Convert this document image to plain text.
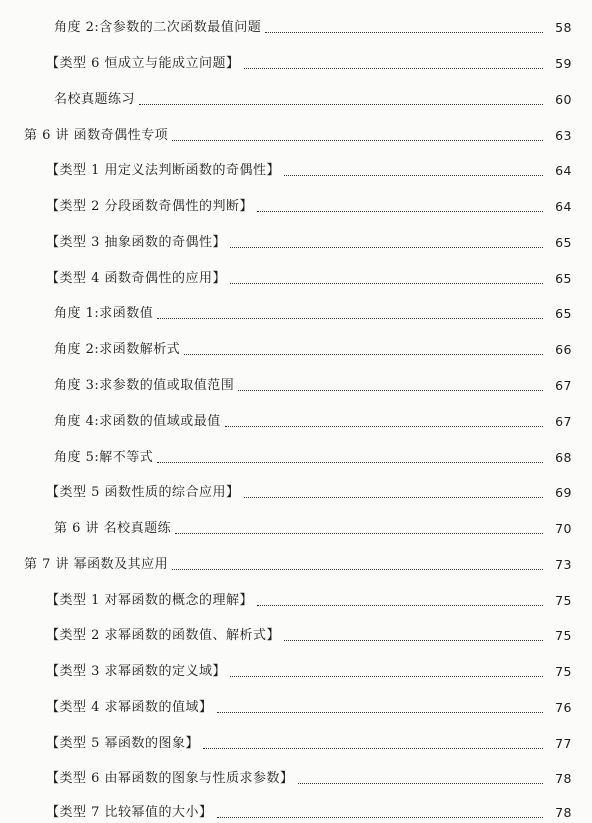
角度 2:含参数的二次函数最值问题	58
【类型 6 恒成立与能成立问题】	59
名校真题练习	60
第 6 讲 函数奇偶性专项	63
【类型 1 用定义法判断函数的奇偶性】	64
【类型 2 分段函数奇偶性的判断】	64
【类型 3 抽象函数的奇偶性】	65
【类型 4 函数奇偶性的应用】	65
角度 1:求函数值	65
角度 2:求函数解析式	66
角度 3:求参数的值或取值范围	67
角度 4:求函数的值域或最值	67
角度 5:解不等式	68
【类型 5 函数性质的综合应用】	69
第 6 讲 名校真题练	70
第 7 讲 幂函数及其应用	73
【类型 1 对幂函数的概念的理解】	75
【类型 2 求幂函数的函数值、解析式】	75
【类型 3 求幂函数的定义域】	75
【类型 4 求幂函数的值域】	76
【类型 5 幂函数的图象】	77
【类型 6 由幂函数的图象与性质求参数】	78
【类型 7 比较幂值的大小】	78
